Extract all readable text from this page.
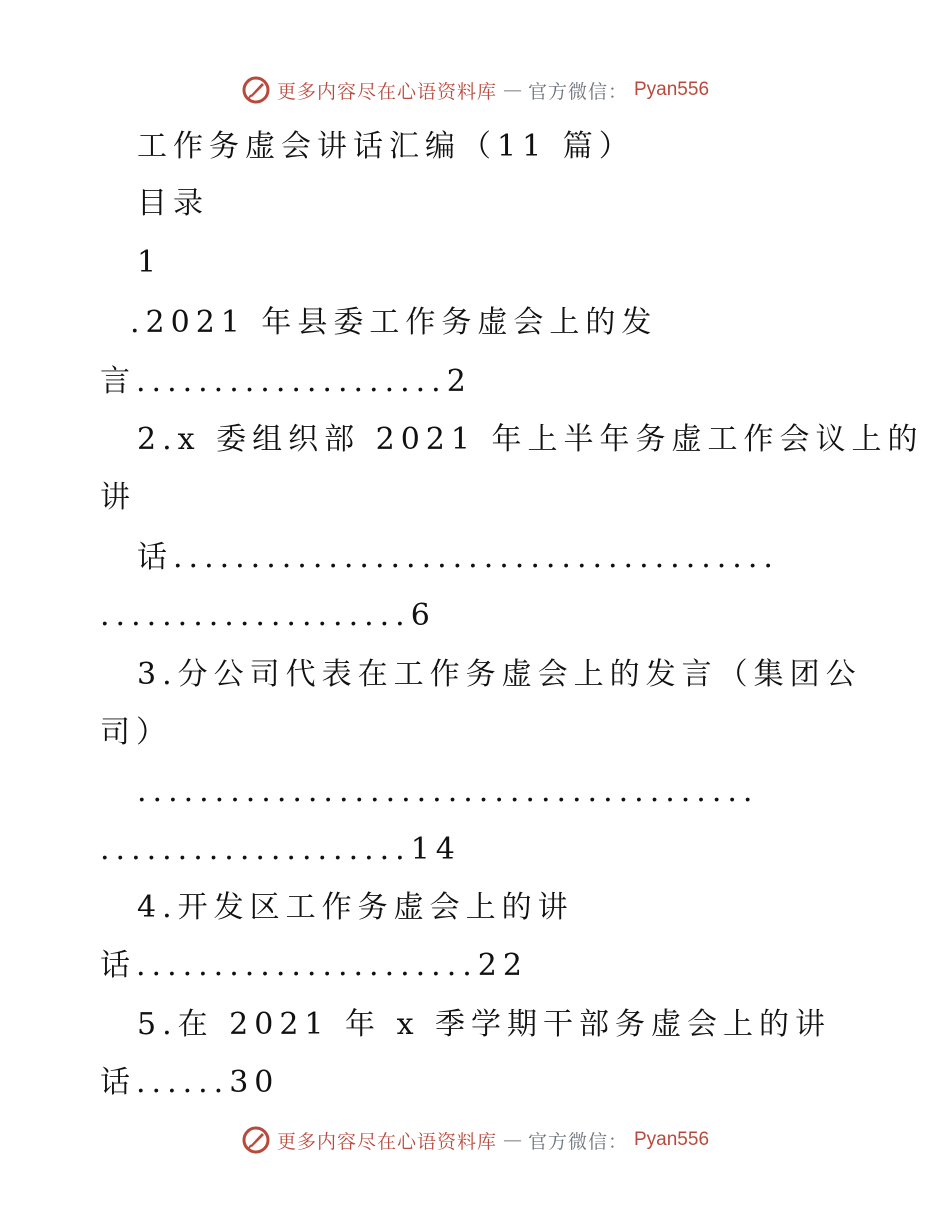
更多内容尽在心语资料库 — 官方微信： Pyan556
工作务虚会讲话汇编（11 篇）
目录
1
.2021 年县委工作务虚会上的发
言....................2
2.x 委组织部 2021 年上半年务虚工作会议上的
讲
话.......................................
....................6
3.分公司代表在工作务虚会上的发言（集团公
司）
........................................
....................14
4.开发区工作务虚会上的讲
话......................22
5.在 2021 年 x 季学期干部务虚会上的讲
话......30
更多内容尽在心语资料库 — 官方微信： Pyan556
